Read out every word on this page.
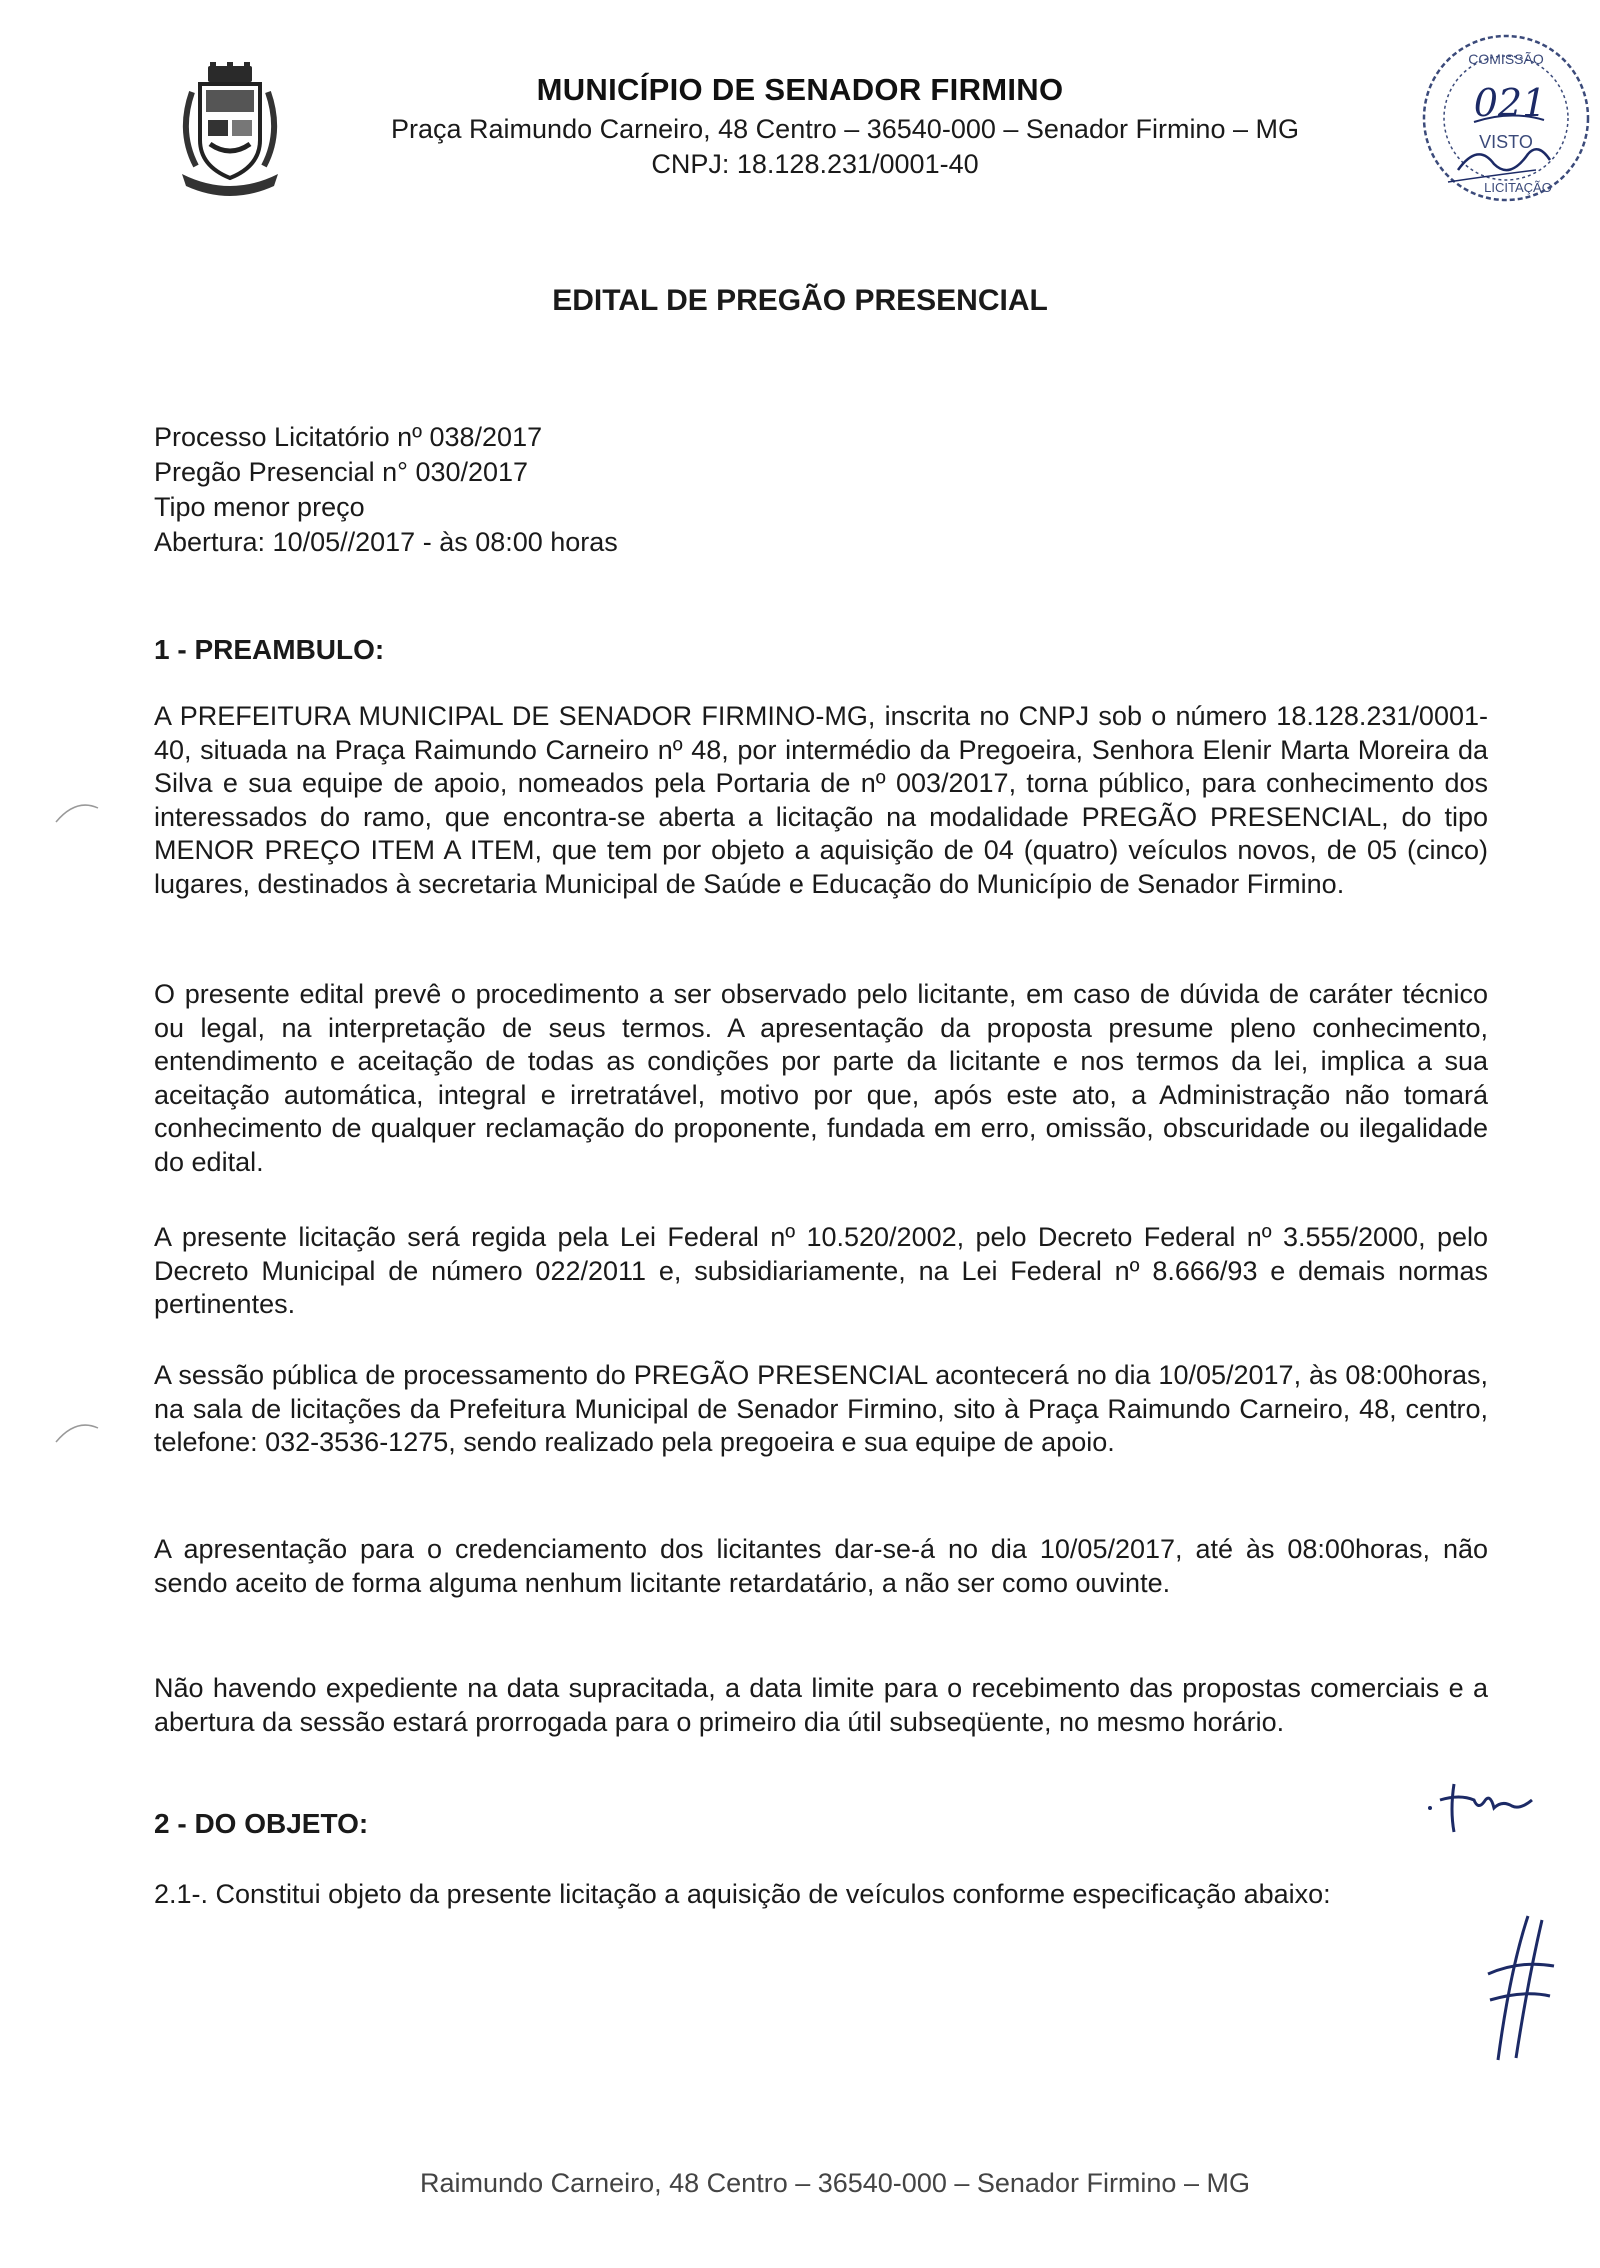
MUNICÍPIO DE SENADOR FIRMINO
Praça Raimundo Carneiro, 48 Centro – 36540-000 – Senador Firmino – MG
CNPJ: 18.128.231/0001-40
COMISSÃO
VISTO
LICITAÇÃO
021
EDITAL DE PREGÃO PRESENCIAL
Processo Licitatório nº 038/2017
Pregão Presencial n° 030/2017
Tipo menor preço
Abertura: 10/05//2017 - às 08:00 horas
1 - PREAMBULO:

A PREFEITURA MUNICIPAL DE SENADOR FIRMINO-MG, inscrita no CNPJ sob o número 18.128.231/0001-40, situada na Praça Raimundo Carneiro nº 48, por intermédio da Pregoeira, Senhora Elenir Marta Moreira da Silva e sua equipe de apoio, nomeados pela Portaria de nº 003/2017, torna público, para conhecimento dos interessados do ramo, que encontra-se aberta a licitação na modalidade PREGÃO PRESENCIAL, do tipo MENOR PREÇO ITEM A ITEM, que tem por objeto a aquisição de 04 (quatro) veículos novos, de 05 (cinco) lugares, destinados à secretaria Municipal de Saúde e Educação do Município de Senador Firmino.

O presente edital prevê o procedimento a ser observado pelo licitante, em caso de dúvida de caráter técnico ou legal, na interpretação de seus termos. A apresentação da proposta presume pleno conhecimento, entendimento e aceitação de todas as condições por parte da licitante e nos termos da lei, implica a sua aceitação automática, integral e irretratável, motivo por que, após este ato, a Administração não tomará conhecimento de qualquer reclamação do proponente, fundada em erro, omissão, obscuridade ou ilegalidade do edital.

A presente licitação será regida pela Lei Federal nº 10.520/2002, pelo Decreto Federal nº 3.555/2000, pelo Decreto Municipal de número 022/2011 e, subsidiariamente, na Lei Federal nº 8.666/93 e demais normas pertinentes.

A sessão pública de processamento do PREGÃO PRESENCIAL acontecerá no dia 10/05/2017, às 08:00horas, na sala de licitações da Prefeitura Municipal de Senador Firmino, sito à Praça Raimundo Carneiro, 48, centro, telefone: 032-3536-1275, sendo realizado pela pregoeira e sua equipe de apoio.

A apresentação para o credenciamento dos licitantes dar-se-á no dia 10/05/2017, até às 08:00horas, não sendo aceito de forma alguma nenhum licitante retardatário, a não ser como ouvinte.

Não havendo expediente na data supracitada, a data limite para o recebimento das propostas comerciais e a abertura da sessão estará prorrogada para o primeiro dia útil subseqüente, no mesmo horário.

2 - DO OBJETO:

2.1-. Constitui objeto da presente licitação a aquisição de veículos conforme especificação abaixo:

Raimundo Carneiro, 48 Centro – 36540-000 – Senador Firmino – MG
